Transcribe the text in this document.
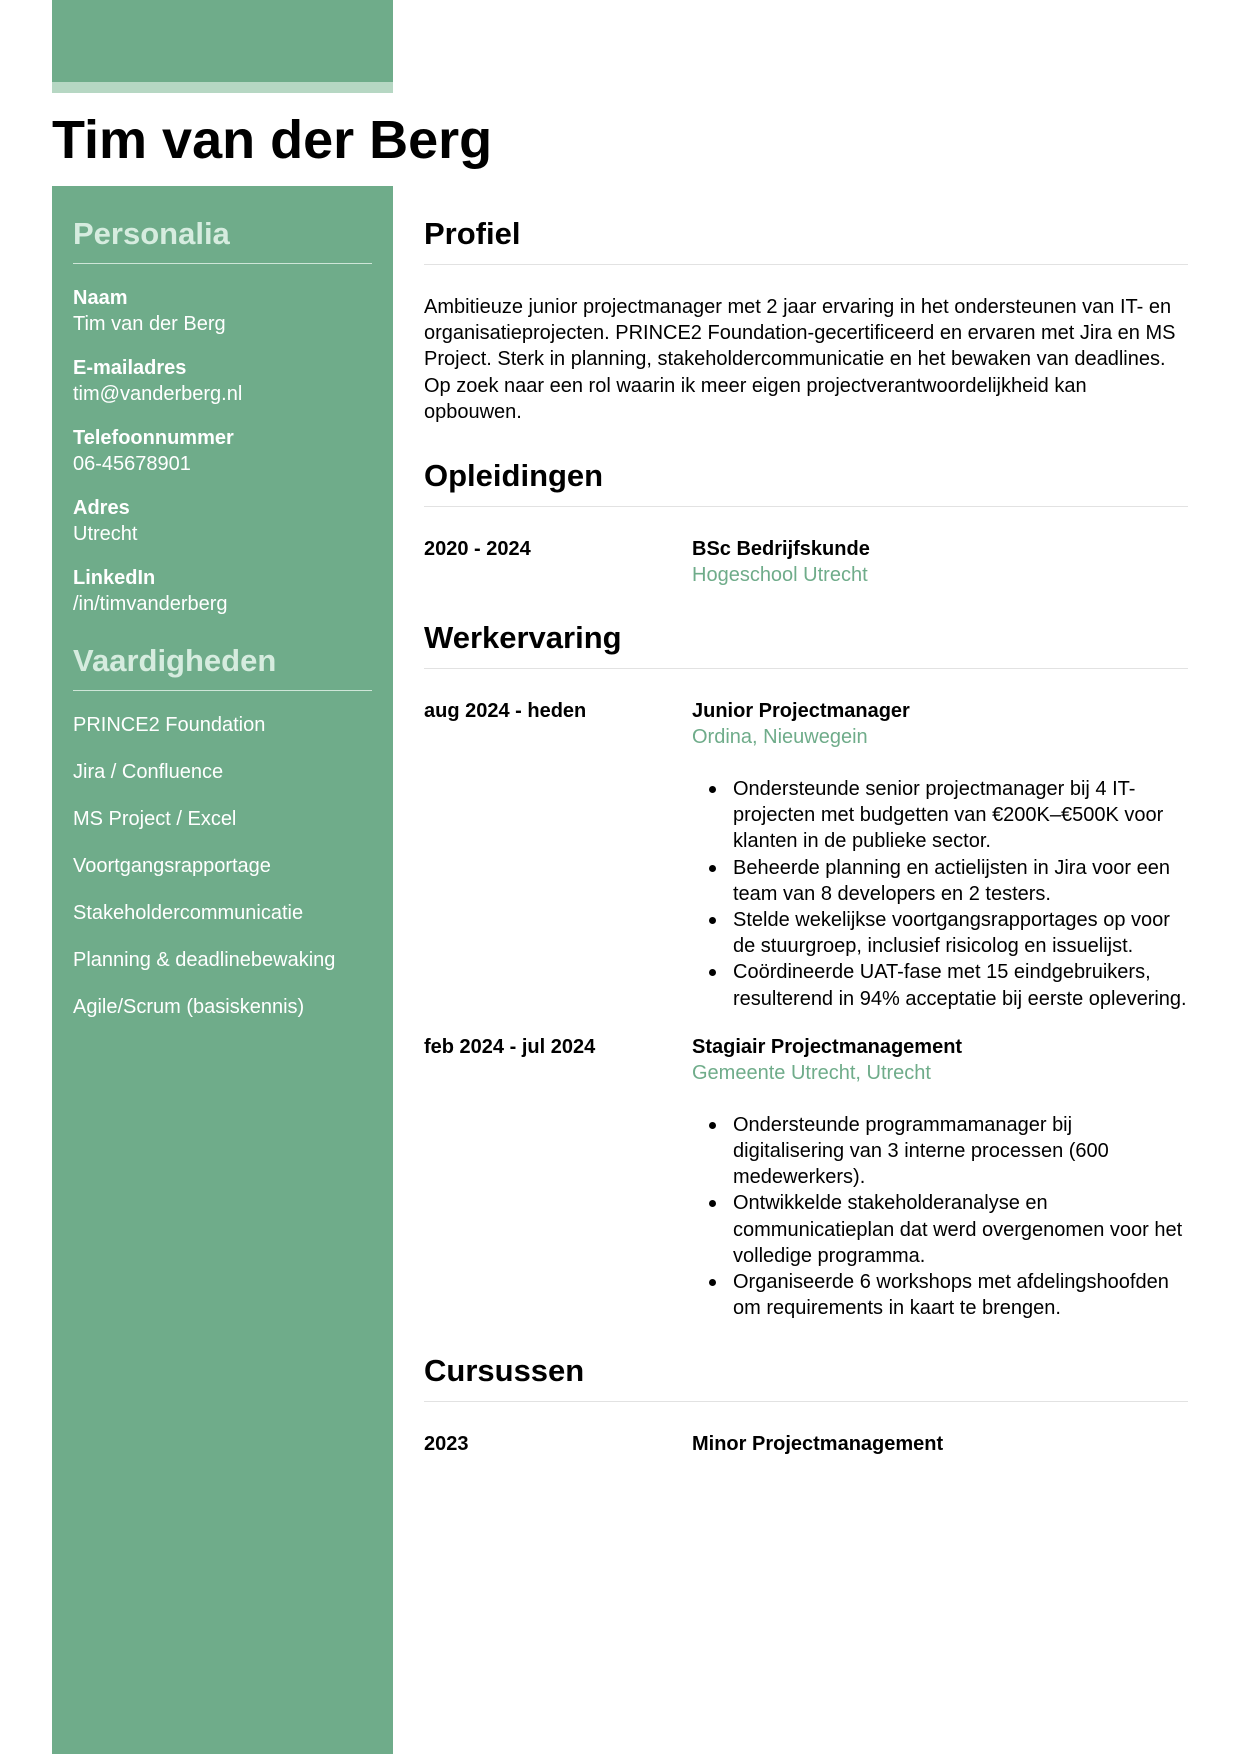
Tim van der Berg
Personalia
Naam
Tim van der Berg
E-mailadres
tim@vanderberg.nl
Telefoonnummer
06-45678901
Adres
Utrecht
LinkedIn
/in/timvanderberg
Vaardigheden
PRINCE2 Foundation
Jira / Confluence
MS Project / Excel
Voortgangsrapportage
Stakeholdercommunicatie
Planning & deadlinebewaking
Agile/Scrum (basiskennis)
Profiel

Ambitieuze junior projectmanager met 2 jaar ervaring in het ondersteunen van IT- en organisatieprojecten. PRINCE2 Foundation-gecertificeerd en ervaren met Jira en MS Project. Sterk in planning, stakeholdercommunicatie en het bewaken van deadlines. Op zoek naar een rol waarin ik meer eigen projectverantwoordelijkheid kan opbouwen.

Opleidingen
2020 - 2024	BSc Bedrijfskunde
Hogeschool Utrecht
Werkervaring
aug 2024 - heden	Junior Projectmanager
Ordina, Nieuwegein
Ondersteunde senior projectmanager bij 4 IT-projecten met budgetten van €200K–€500K voor klanten in de publieke sector.
Beheerde planning en actielijsten in Jira voor een team van 8 developers en 2 testers.
Stelde wekelijkse voortgangsrapportages op voor de stuurgroep, inclusief risicolog en issuelijst.
Coördineerde UAT-fase met 15 eindgebruikers, resulterend in 94% acceptatie bij eerste oplevering.
feb 2024 - jul 2024	Stagiair Projectmanagement
Gemeente Utrecht, Utrecht
Ondersteunde programmamanager bij digitalisering van 3 interne processen (600 medewerkers).
Ontwikkelde stakeholderanalyse en communicatieplan dat werd overgenomen voor het volledige programma.
Organiseerde 6 workshops met afdelingshoofden om requirements in kaart te brengen.
Cursussen
2023	Minor Projectmanagement
